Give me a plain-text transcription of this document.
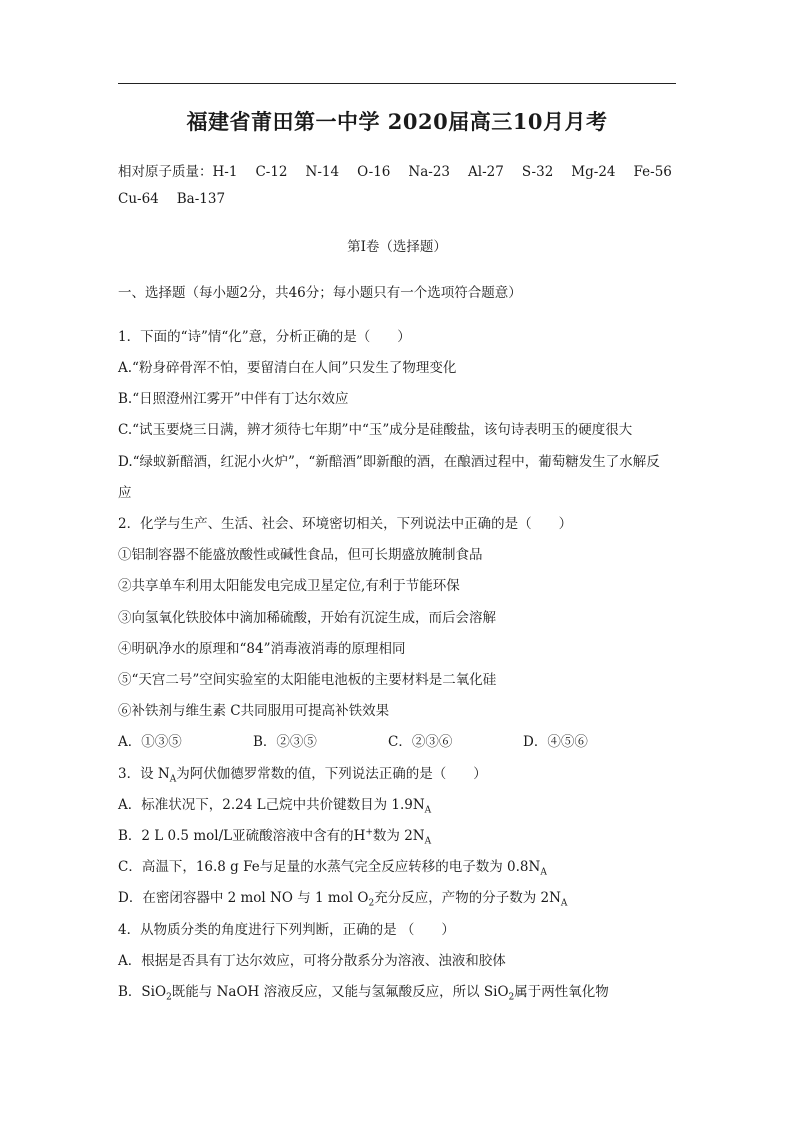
福建省莆田第一中学 2020届高三10月月考
相对原子质量：H-1 C-12 N-14 O-16 Na-23 Al-27 S-32 Mg-24 Fe-56
Cu-64 Ba-137
第Ⅰ卷（选择题）
一、选择题（每小题2分，共46分；每小题只有一个选项符合题意）
1．下面的“诗”情“化”意，分析正确的是（　　）
A.“粉身碎骨浑不怕，要留清白在人间”只发生了物理变化
B.“日照澄州江雾开”中伴有丁达尔效应
C.“试玉要烧三日满，辨才须待七年期”中“玉”成分是硅酸盐，该句诗表明玉的硬度很大
D.“绿蚁新醅酒，红泥小火炉”，“新醅酒”即新酿的酒，在酿酒过程中，葡萄糖发生了水解反
应
2．化学与生产、生活、社会、环境密切相关，下列说法中正确的是（　　）
①铝制容器不能盛放酸性或碱性食品，但可长期盛放腌制食品
②共享单车利用太阳能发电完成卫星定位,有利于节能环保
③向氢氧化铁胶体中滴加稀硫酸，开始有沉淀生成，而后会溶解
④明矾净水的原理和“84”消毒液消毒的原理相同
⑤“天宫二号”空间实验室的太阳能电池板的主要材料是二氧化硅
⑥补铁剂与维生素 C共同服用可提高补铁效果
A．①③⑤	B．②③⑤	C．②③⑥	D．④⑤⑥
3．设 $N_A$为阿伏伽德罗常数的值，下列说法正确的是（　　）
A．标准状况下，2.24 L己烷中共价键数目为 $1.9N_A$
B．2 L 0.5 mol/L亚硫酸溶液中含有的H+数为 $2N_A$
C．高温下，16.8 g Fe与足量的水蒸气完全反应转移的电子数为 $0.8N_A$
D．在密闭容器中 2 mol NO 与 1 mol $O_2$充分反应，产物的分子数为 $2N_A$
4．从物质分类的角度进行下列判断，正确的是 （　　）
A．根据是否具有丁达尔效应，可将分散系分为溶液、浊液和胶体
B．SiO$_2$既能与 NaOH 溶液反应，又能与氢氟酸反应，所以 SiO$_2$属于两性氧化物
